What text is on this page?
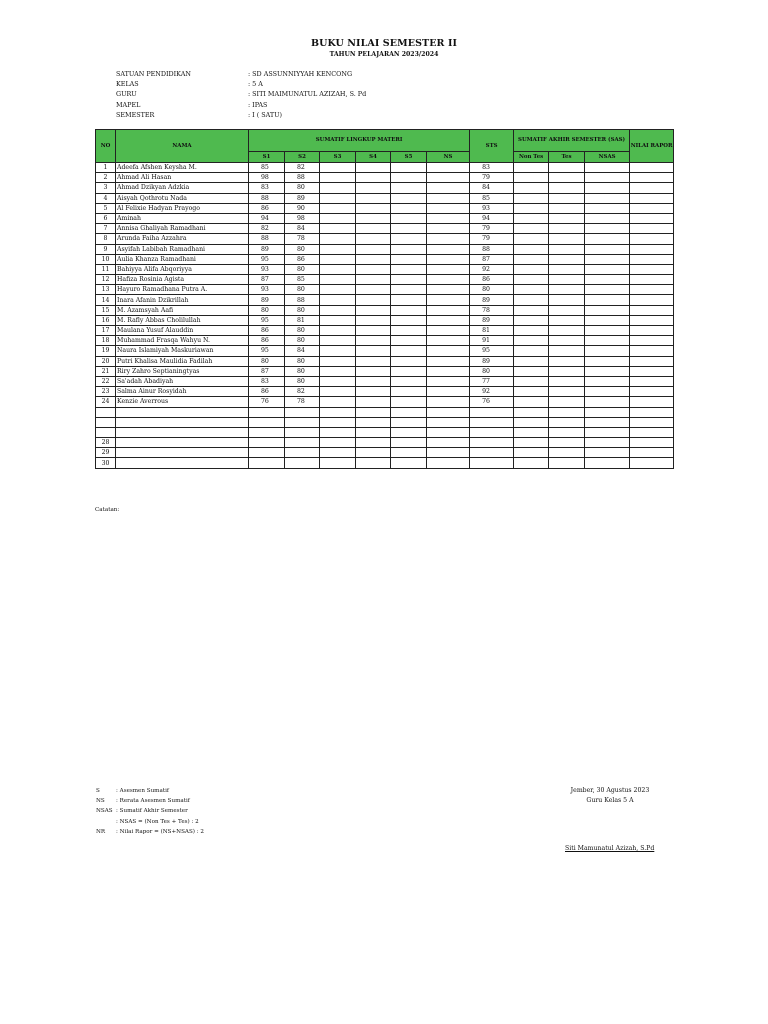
BUKU NILAI SEMESTER II
TAHUN PELAJARAN 2023/2024
SATUAN PENDIDIKAN	: SD ASSUNNIYYAH KENCONG
KELAS	: 5 A
GURU	: SITI MAIMUNATUL AZIZAH, S. Pd
MAPEL	: IPAS
SEMESTER	: I ( SATU)
NO	NAMA	SUMATIF LINGKUP MATERI						STS	SUMATIF AKHIR SEMESTER (SAS)			NILAI RAPOR
		S1	S2	S3	S4	S5	NS		Non Tes	Tes	NSAS	
1	Adeefa Afshen Keysha M.	85	82					83				
2	Ahmad Ali Hasan	98	88					79				
3	Ahmad Dzikyan Adzkia	83	80					84				
4	Aisyah Qothrotu Nada	88	89					85				
5	Al Felixie Hadyan Prayogo	86	90					93				
6	Aminah	94	98					94				
7	Annisa Ghaliyah Ramadhani	82	84					79				
8	Arunda Faiha Azzahra	88	78					79				
9	Asyifah Labibah Ramadhani	89	80					88				
10	Aulia Khanza Ramadhani	95	86					87				
11	Bahiyya Alifa Abqoriyya	93	80					92				
12	Hafiza Rosinia Agista	87	85					86				
13	Hayuro Ramadhana Putra A.	93	80					80				
14	Inara Afanin Dzikrillah	89	88					89				
15	M. Azamsyah Aafi	80	80					78				
16	M. Rafly Abbas Cholilullah	95	81					89				
17	Maulana Yusuf Alauddin	86	80					81				
18	Muhammad Frasqa Wahyu N.	86	80					91				
19	Naura Islamiyah Maskuriawan	95	84					95				
20	Putri Khalisa Maulidia Fadilah	80	80					89				
21	Riry Zahro Septianingtyas	87	80					80				
22	Sa'adah Abadiyah	83	80					77				
23	Salma Ainur Rosyidah	86	82					92				
24	Kenzie Averrous	76	78					76				

28												
29												
30												
Catatan:
S	: Asesmen Sumatif
NS	: Rerata Asesmen Sumatif
NSAS : Sumatif Akhir Semester
: NSAS = (Non Tes + Tes) : 2
NR	: Nilai Rapor = (NS+NSAS) : 2
Jember, 30 Agustus 2023
Guru Kelas 5 A
Siti Mamunatul Azizah, S.Pd
